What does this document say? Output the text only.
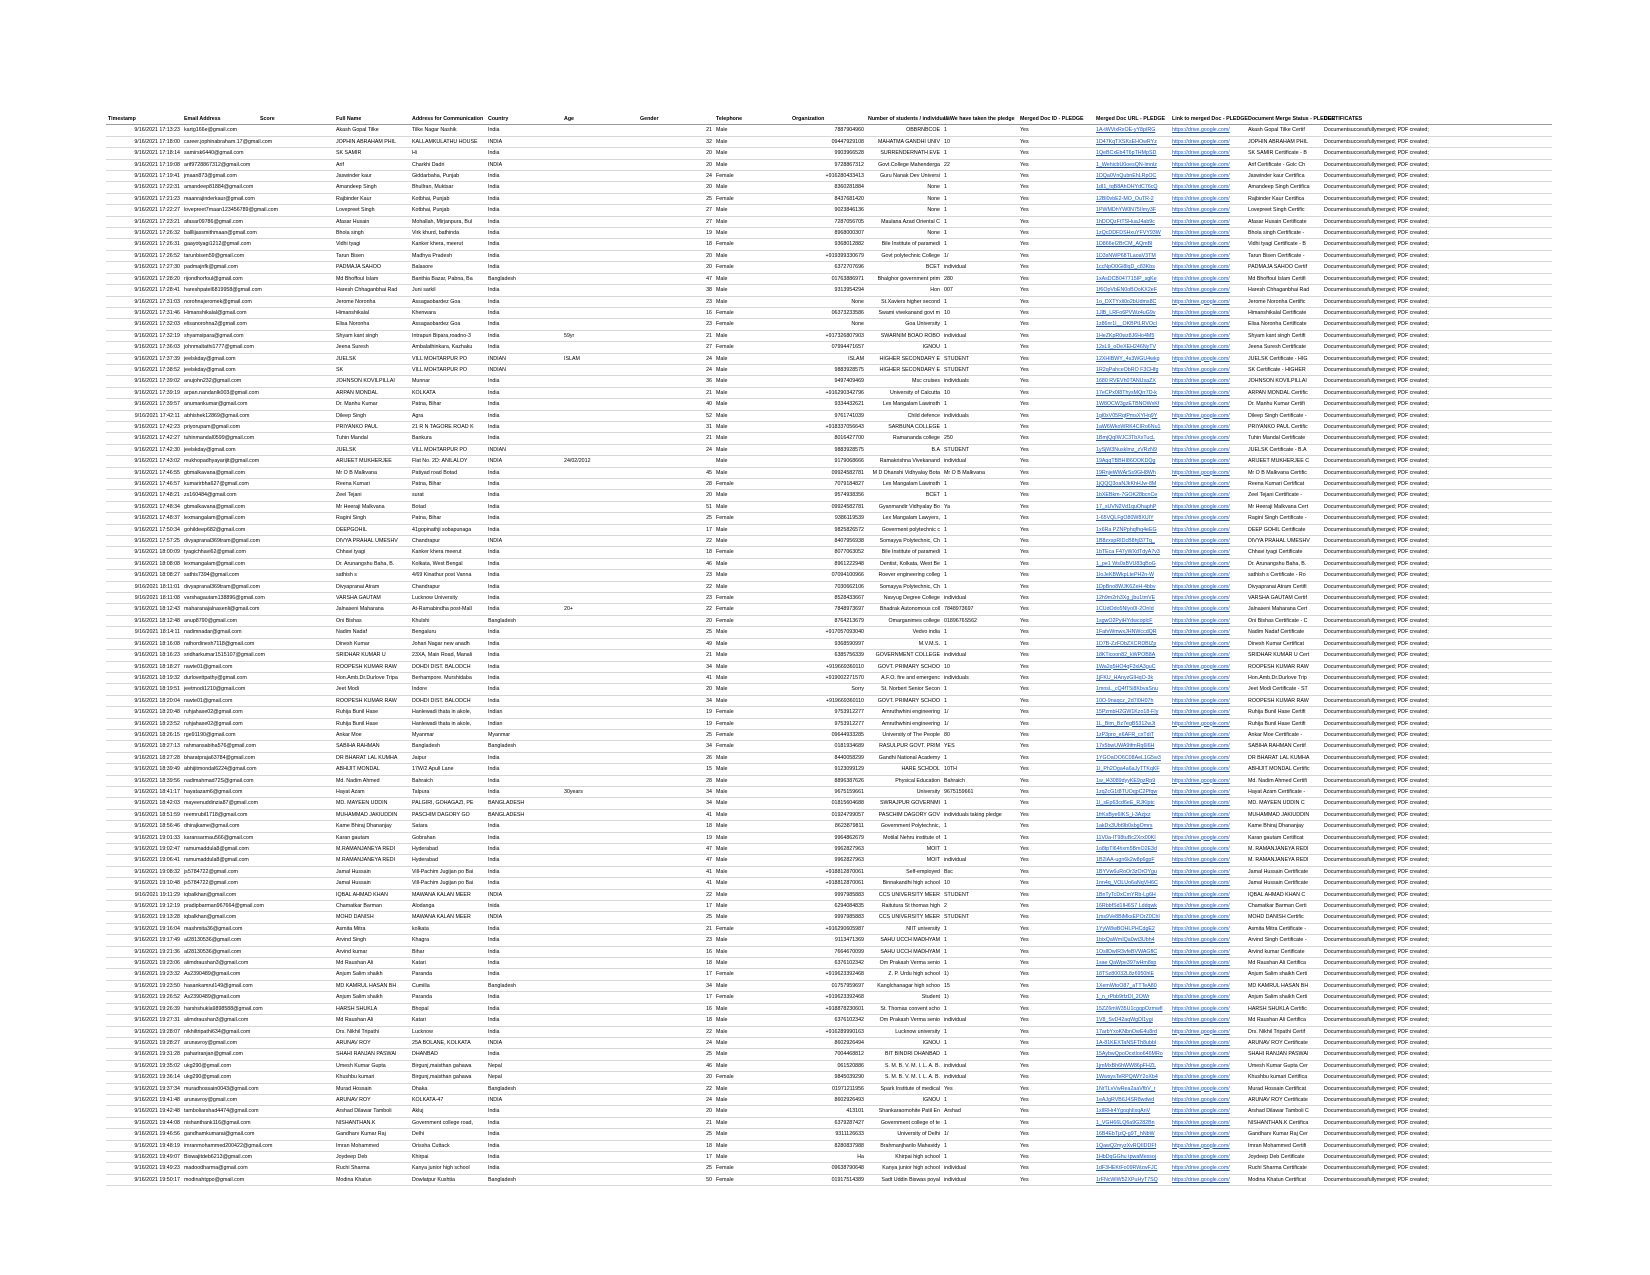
Timestamp	Email Address	Score	Full Name	Address for Communication	Country	Age	Gender	Telephone	Organization	Number of students / individuals	I / We have taken the pledge	Merged Doc ID - PLEDGE	Merged Doc URL - PLEDGE	Link to merged Doc - PLEDGE	Document Merge Status - PLEDGE	CERTIFICATES
9/16/2021 17:13:23	kartg166e@gmail.com		Akash Gopal Tilke	Tilke Nagar Nashik	India		21	Male	7887904960	OBBRNBCOE	1	Yes	1A-tWVixRxOE-yY8pIRG	https://drive.google.com/	Akash Gopal Tilke Certif	Documentsuccessfullymerged; PDF created;
9/16/2021 17:18:00	career.jophinabraham.17@gmail.com		JOPHIN ABRAHAM PHIL	KALLAMKULATHU HOUSE	INDIA		32	Male	09447929108	MAHATMA GANDHI UNIV	10	Yes	1D47KqTXSKsEHOwRYz	https://drive.google.com/	JOPHIN ABRAHAM PHIL	Documentsuccessfullymerged; PDF created;
9/16/2021 17:18:14	samirsk6440@gmail.com		SK SAMIR	Hi	India		20	Male	9903966528	SURRENDERNATH EVE	1	Yes	1QeBCxEb4T6pTHMpSD	https://drive.google.com/	SK SAMIR Certificate - B	Documentsuccessfullymerged; PDF created;
9/16/2021 17:19:08	arif9728867312@gmail.com		Arif	Charkhi Dadri	INDIA		20	Male	9728867312	Govt.College Mahenderga	22	Yes	1_WehicbU0oesQN-lmnlz	https://drive.google.com/	Arif Certificate - Golc Ch	Documentsuccessfullymerged; PDF created;
9/16/2021 17:19:41	jmaan873@gmail.com		Jaswinder kaur	Giddarbaha, Punjab	India		24	Female	+916280433413	Guru Nanak Dev Universi	1	Yes	1DQa0VnQubnEhLRpOC	https://drive.google.com/	Jaswinder kaur Certifica	Documentsuccessfullymerged; PDF created;
9/16/2021 17:22:31	amandeep81884@gmail.com		Amandeep Singh	Bhullran, Muktsar	India		20	Male	8360281884	None	1	Yes	1dI1_tqB8AhOHYdC76cQ	https://drive.google.com/	Amandeep Singh Certifica	Documentsuccessfullymerged; PDF created;
9/16/2021 17:21:23	maanrajinderkaur@gmail.com		Rajbinder Kaur	Kotbhai, Punjab	India		25	Female	8437681420	None	1	Yes	12Bl0vbE2-MO_OuTR-2	https://drive.google.com/	Rajbinder Kaur Certifica	Documentsuccessfullymerged; PDF created;
9/16/2021 17:22:27	lovepreet7maan123456789@gmail.com		Lovepreet Singh	Kotbhai, Punjab	India		27	Male	9023846136	None	1	Yes	1PWMDhYW0N75IImy3F	https://drive.google.com/	Lovepreet Singh Certific	Documentsuccessfullymerged; PDF created;
9/16/2021 17:23:21	afasar09786@gmail.com		Afasar Husain	Mohallah, Mirjanpura, Bul	India		27	Male	7287056705	Maulana Azad Oriental C	1	Yes	1hDOQzFtTSHuaJ4ab9c	https://drive.google.com/	Afasar Husain Certificate	Documentsuccessfullymerged; PDF created;
9/16/2021 17:26:32	balllijassmithmaan@gmail.com		Bhola singh	Virk khurd, bathinda	India		19	Male	8968000307	None	1	Yes	1zQcDDFDSHxuYFVY93W	https://drive.google.com/	Bhola singh Certificate -	Documentsuccessfullymerged; PDF created;
9/16/2021 17:26:31	gaayotyagi1212@gmail.com		Vidhi tyagi	Kanker khera, meerut	India		18	Female	9368012882	Bile Institute of paramedi	1	Yes	1D866eI2BrCM_AQmBl	https://drive.google.com/	Vidhi tyagi Certificate - B	Documentsuccessfullymerged; PDF created;
9/16/2021 17:26:52	tarunbisen59@gmail.com		Tarun Bisen	Madhya Pradesh	India		20	Male	+919399330679	Govt polytechnic College	1/	Yes	1D3sNWP68TLaoaV3TM	https://drive.google.com/	Tarun Bisen Certificate -	Documentsuccessfullymerged; PDF created;
9/16/2021 17:27:30	padmajnfk@gmail.com		PADMAJA SAHOO	Balasore	India		20	Female	6372707696	BCET	individual	Yes	1ccNpO0Gi8lqD_c83Kbs	https://drive.google.com/	PADMAJA SAHOO Certif	Documentsuccessfullymerged; PDF created;
9/16/2021 17:28:20	rijondhorfoul@gmail.com		Md Bhoffoul Islam	Banthia Bazar, Pabna, Ba	Bangladesh		47	Male	01763886971	Bhalghor government prim	280	Yes	1xAsDCB047715IP_sgKe	https://drive.google.com/	Md Bhoffoul Islam Certifi	Documentsuccessfullymerged; PDF created;
9/16/2021 17:28:41	hareshpatel6819958@gmail.com		Haresh Chhaganbhai Rad	Juni sarkil	India		38	Male	9313954294	Hon	007	Yes	1f6OpVbEN0oBOoKX2eF	https://drive.google.com/	Haresh Chhaganbhai Rad	Documentsuccessfullymerged; PDF created;
9/16/2021 17:31:03	norohnajeromek@gmail.com		Jerome Noronha	Assagaobardez Goa	India		23	Male	None	St.Xaviers higher second	1	Yes	1o_DXTYxli0o2bUdms8C	https://drive.google.com/	Jerome Noronha Certific	Documentsuccessfullymerged; PDF created;
9/16/2021 17:31:46	Himanshikalal@gmail.com		Himanshikalal	Khenwara	India		16	Female	06373233586	Swami vivekanand govt m	10	Yes	1JlB_LRFo6PVWz4uG9v	https://drive.google.com/	Himanshikalal Certificate	Documentsuccessfullymerged; PDF created;
9/16/2021 17:32:03	elisanorohna2@gmail.com		Elisa Noronha	Assagaobardez Goa	India		23	Female	None	Goa University	1	Yes	1z86nr1I__OKBPtLRVOcl	https://drive.google.com/	Elisa Noronha Certificate	Documentsuccessfullymerged; PDF created;
9/16/2021 17:32:19	shyamsipara@gmail.com		Shyam kant singh	Intrapuri Bipara,roadno-3	India	59yr	21	Male	+917326807903	SWARNIM BOAO ROBO	individual	Yes	1HeZKpR0wz8J6Ho4M5	https://drive.google.com/	Shyam kant singh Certifi	Documentsuccessfullymerged; PDF created;
9/16/2021 17:36:03	johnmaltathi1777@gmail.com		Jeena Suresh	Ambalathinkara, Kazhaku	India		27	Female	07994471657	IGNOU	1	Yes	12sL9_oDeXEH246NyTV	https://drive.google.com/	Jeena Suresh Certificate	Documentsuccessfullymerged; PDF created;
9/16/2021 17:37:39	jeelskday@gmail.com		JUELSK	VILL MOHTARPUR PO	INDIAN	ISLAM	24	Male	ISLAM	HIGHER SECONDARY E	STUDENT	Yes	12XHIBWY_4s3WGU4wkg	https://drive.google.com/	JUELSK Certificate - HIG	Documentsuccessfullymerged; PDF created;
9/16/2021 17:38:52	jeelskday@gmail.com		SK	VILL MOHTARPUR PO	INDIAN		24	Male	9883928575	HIGHER SECONDARY E	STUDENT	Yes	1R2qPahceObRO F3CHfg	https://drive.google.com/	SK Certificate - HIGHER	Documentsuccessfullymerged; PDF created;
9/16/2021 17:39:02	anujohn232@gmail.com		JOHNSON KOVILPILLAI	Munnar	India		36	Male	9497409469	Msc cruises	individuals	Yes	1680 RVEVh0TANUsaZX	https://drive.google.com/	JOHNSON KOVILPILLAI	Documentsuccessfullymerged; PDF created;
9/16/2021 17:39:19	arpan.nandanlk003@gmail.com		ARPAN MONDAL	KOLKATA	India		21	Male	+916290342796	University of Calcutta	10	Yes	17eCPx0I8ThysMQrr7D-k	https://drive.google.com/	ARPAN MONDAL Certific	Documentsuccessfullymerged; PDF created;
9/16/2021 17:39:57	anumankumar@gmail.com		Dr. Manhu Kumar	Patna, Bihar	India		40	Male	9334432621	Lex Mangalam Lawinsth	1	Yes	1W8OCW3gzETBNOWxKf	https://drive.google.com/	Dr. Manhu Kumar Certifi	Documentsuccessfullymerged; PDF created;
9/16/2021 17:42:11	abhishek12869@gmail.com		Dileep Singh	Agra	India		52	Male	9761741039	Child defence	individuals	Yes	1gl0xV05RqtPmsXYHq9Y	https://drive.google.com/	Dileep Singh Certificate -	Documentsuccessfullymerged; PDF created;
9/16/2021 17:42:23	priyorupam@gmail.com		PRIYANKO PAUL	21 R N TAGORE ROAD K	India		31	Male	+918337056643	SARBUNA COLLEGE	1	Yes	1aW6WkoWRK4CIRo6Nu1	https://drive.google.com/	PRIYANKO PAUL Certific	Documentsuccessfullymerged; PDF created;
9/16/2021 17:42:27	tuhinmandal0599@gmail.com		Tuhin Mandal	Bankura	India		21	Male	8016427700	Ramananda college	250	Yes	1BmjQqIWJC3TbXxTucL	https://drive.google.com/	Tuhin Mandal Certificate	Documentsuccessfullymerged; PDF created;
9/16/2021 17:42:30	jeelskday@gmail.com		JUELSK	VILL MOHTARPUR PO	INDIAN		24	Male	9883928575	B.A	STUDENT	Yes	1ySjW3Nusklmz_zVRzN9	https://drive.google.com/	JUELSK Certificate - B.A	Documentsuccessfullymerged; PDF created;
9/16/2021 17:43:02	mukhopadhyayarijit@gmail.com		ARIJEET MUKHERJEE	Flat No. 2D: ANILALOY	INDIA	24/02/2012		Male	9179068666	Ramakrishna Vivekanand	individual	Yes	19AqqTBBHI86OOKDQg	https://drive.google.com/	ARIJEET MUKHERJEE C	Documentsuccessfullymerged; PDF created;
9/16/2021 17:46:55	gbmalkavana@gmail.com		Mr O B Malkvana	Patiyad road Botad	India		45	Male	09924582781	M D Dhanshi Vidhyalay Bota	Mr O B Malkvana	Yes	19RnjeWWArSs9GH8Wh	https://drive.google.com/	Mr O B Malkvana Certific	Documentsuccessfullymerged; PDF created;
9/16/2021 17:46:57	kumarirbha627@gmail.com		Reena Kumari	Patna, Bihar	India		28	Female	7079184827	Lex Mangalam Lawinsth	1	Yes	1jQQQ3oaNJkKhHJw-8M	https://drive.google.com/	Reena Kumari Certificat	Documentsuccessfullymerged; PDF created;
9/16/2021 17:48:21	zs160484@gmail.com		Zeel Tejani	surat	India		20	Male	9574938356	BCET	1	Yes	1bXEBkm-7GOK28bcnCe	https://drive.google.com/	Zeel Tejani Certificate -	Documentsuccessfullymerged; PDF created;
9/16/2021 17:48:34	gbmalkavana@gmail.com		Mr Heeraji Malkvana	Botad	India		51	Male	09924582781	Gyanmandir Vidhyalay Bo	Ya	Yes	17_sUVN2Vd1quOhaphP	https://drive.google.com/	Mr Heeraji Malkvana Cert	Documentsuccessfullymerged; PDF created;
9/16/2021 17:48:37	lexmangalam@gmail.com		Ragini Singh	Patna, Bihar	India		25	Female	9386119539	Lex Mangalam Lawyers,	1	Yes	1-65VQLFgO80W8XUIY	https://drive.google.com/	Ragini Singh Certificate -	Documentsuccessfullymerged; PDF created;
9/16/2021 17:50:34	gohildeep682@gmail.com		DEEPGOHIL	41gopinathji sobapunaga	India		17	Male	9825826572	Goverment polytechnic c	1	Yes	1x6Ra PZNPphqfhq4eEG	https://drive.google.com/	DEEP GOHIL Certificate	Documentsuccessfullymerged; PDF created;
9/16/2021 17:57:25	divyapranal369tram@gmail.com		DIVYA PRAHAL UMESHV	Chandrapur	INDIA		22	Male	8407956938	Somayya Polytechnic, Ch	1	Yes	1B8zxspRIDcB8hjl37Tq_	https://drive.google.com/	DIVYA PRAHAL UMESHV	Documentsuccessfullymerged; PDF created;
9/16/2021 18:00:09	tyagichhavi62@gmail.com		Chhavi tyagi	Kanker khera meerut	India		18	Female	8077063052	Bile Institute of paramedi	1	Yes	1bTEca F47yWXdTdyA7v3	https://drive.google.com/	Chhavi tyagi Certificate	Documentsuccessfullymerged; PDF created;
9/16/2021 18:08:08	lexmangalam@gmail.com		Dr. Arunangshu Baha, B.	Kolkata, West Bengal	India		46	Male	8961222948	Dentist, Kolkata, West Be	1	Yes	1_pe1 Ws0sBVU83qBoG	https://drive.google.com/	Dr. Arunangshu Baha, B.	Documentsuccessfullymerged; PDF created;
9/16/2021 18:08:27	sathis7394@gmail.com		sathish s	4/69 Kinathur post Vanna	India		23	Male	07094100966	Roever engineering colleg	1	Yes	1IoJeKBWkpLtePH2n-W	https://drive.google.com/	sathish s Certificate - Ro	Documentsuccessfullymerged; PDF created;
9/16/2021 18:11:01	divyapranal369tram@gmail.com		Divyapranai Atram	Chandrapur	India		22	Male	7030662106	Somayya Polytechnic, Ch	1	Yes	1DpBno8WJK6ZeH-4bbv	https://drive.google.com/	Divyapranai Atram Certifi	Documentsuccessfullymerged; PDF created;
9/16/2021 18:11:08	varshagautam138896@gmail.com		VARSHA GAUTAM	Lucknow University	India		23	Female	8528433667	Navyug Degree College	individual	Yes	12h9m2rh3Xg_jbu1tmVE	https://drive.google.com/	VARSHA GAUTAM Certif	Documentsuccessfullymerged; PDF created;
9/16/2021 18:12:43	maharanajalnasenli@gmail.com		Jalnaseni Maharana	At-Ramabindha post-Mall	India	20+	22	Female	7848973697	Bhadrak Autonomous coll	7848973697	Yes	1CUdOdo5Nlyo0I-2OnId	https://drive.google.com/	Jalnaseni Maharana Cert	Documentsuccessfullymerged; PDF created;
9/16/2021 18:12:48	anup8790@gmail.com		Oni Bishas	Khulshi	Bangladesh		20	Female	8764213679	Omarganimes college	0189676S562	Yes	1sgwO2PyiHYdwcoplcF	https://drive.google.com/	Oni Bishas Certificate - C	Documentsuccessfullymerged; PDF created;
9/16/2021 18:14:11	nadimnadar@gmail.com		Nadim Nadaf	Bengaluru	India		25	Male	+917057093040	Vedvo india	1	Yes	1FafvWmwxJHNWccdQR	https://drive.google.com/	Nadim Nadaf Certificate	Documentsuccessfullymerged; PDF created;
9/16/2021 18:16:08	rathordinesh7118@gmail.com		Dinesh Kumar	Johari Nagar new anadh	India		49	Male	9368590997	M.V.M.S.	1	Yes	1D7B-ZzFDbZXCRDBIZp	https://drive.google.com/	Dinesh Kumar Certificat	Documentsuccessfullymerged; PDF created;
9/16/2021 18:16:23	sridharkumar1515107@gmail.com		SRIDHAR KUMAR U	23XA, Main Road, Manali	India		21	Male	6385756339	GOVERNMENT COLLEGE	individual	Yes	18KTicoon82_kWPOB8A	https://drive.google.com/	SRIDHAR KUMAR U Cert	Documentsuccessfullymerged; PDF created;
9/16/2021 18:18:27	rawte01@gmail.com		ROOPESH KUMAR RAW	DOHDI DIST. BALODCH	India		34	Male	+919669360110	GOVT. PRIMARY SCHOO	10	Yes	1Wa2q5HO4qF3xlA3guC	https://drive.google.com/	ROOPESH KUMAR RAW	Documentsuccessfullymerged; PDF created;
9/16/2021 18:19:32	durlovettpathy@gmail.com		Hon.Amb.Dr.Durlove Tripa	Berhampore. Murshidaba	India		41	Male	+919002271570	A.F.O. fire and emergenc	individuals	Yes	1jFKU_HAnyzGIHqO-3k	https://drive.google.com/	Hon.Amb.Dr.Durlove Trip	Documentsuccessfullymerged; PDF created;
9/16/2021 18:19:51	jeetmodi1210@gmail.com		Jeet Modi	Indore	India		20	Male	Sorry	St. Norbert Senior Secon	1	Yes	1mnsL_cQ4fT5i8KbvaSnu	https://drive.google.com/	Jeet Modi Certificate - ST	Documentsuccessfullymerged; PDF created;
9/16/2021 18:20:04	rawte01@gmail.com		ROOPESH KUMAR RAW	DOHDI DIST. BALODCH	India		34	Male	+919669360110	GOVT. PRIMARY SCHOO	1	Yes	10O-9naqcz_2d7i0H07h	https://drive.google.com/	ROOPESH KUMAR RAW	Documentsuccessfullymerged; PDF created;
9/16/2021 18:20:48	ruhjahase02@gmail.com		Ruhija Bunil Hase	Hanlewadi thata in akole,	Indian		19	Female	9753912277	Amruthwhini engineering	1/	Yes	15PzmbH2GW1Kzo18-FIy	https://drive.google.com/	Ruhija Bunil Hase Certifi	Documentsuccessfullymerged; PDF created;
9/16/2021 18:23:52	ruhjahase02@gmail.com		Ruhija Bunil Hase	Hanlewadi thata in akole,	Indian		19	Female	9753912277	Amruthwhini engineering	1/	Yes	1L_Bim_Bz7egB5312wJt	https://drive.google.com/	Ruhija Bunil Hase Certifi	Documentsuccessfullymerged; PDF created;
9/16/2021 18:26:15	rge91190@gmail.com		Ankar Moe	Myanmar	Myanmar		25	Female	09644933285	University of The People	80	Yes	1zP3pro_e6AFR_cxTdiT	https://drive.google.com/	Ankar Moe Certificate -	Documentsuccessfullymerged; PDF created;
9/16/2021 18:27:13	rahmansabiha576@gmail.com		SABIHA RAHMAN	Bangladesh	Bangladesh		34	Female	0181934689	RASULPUR GOVT. PRIM	YES	Yes	17x5bwUWA9tfmRq6l6H	https://drive.google.com/	SABIHA RAHMAN Certif	Documentsuccessfullymerged; PDF created;
9/16/2021 18:27:28	bharatpraja63784@gmail.com		DR BHARAT LAL KUMHA	Jaipur	India		26	Male	8440058299	Gandhi National Academy	1	Yes	1YGOaOO6C08AeL1G5w3	https://drive.google.com/	DR BHARAT LAL KUMHA	Documentsuccessfullymerged; PDF created;
9/16/2021 18:39:49	abhijitmondal6224@gmail.com		ABHIJIT MONDAL	17W/2 Apull Lane	India		15	Male	9123099129	HARE SCHOOL	10TH	Yes	1I_Ph2Oga4a6aJyTTKqKF	https://drive.google.com/	ABHIJIT MONDAL Certific	Documentsuccessfullymerged; PDF created;
9/16/2021 18:39:56	nadimahmad72S@gmail.com		Md. Nadim Ahmed	Bahraich	India		28	Male	8896387626	Physical Education	Bahraich	Yes	1w_l43089dyyKE9gzRp9	https://drive.google.com/	Md. Nadim Ahmed Certifi	Documentsuccessfullymerged; PDF created;
9/16/2021 18:41:17	hayatazam6@gmail.com		Hayat Azam	Talpura	India	30years	34	Male	9675159661	University	9675159661	Yes	1zq2cG1t8TUOqpC2Pfqw	https://drive.google.com/	Hayat Azam Certificate -	Documentsuccessfullymerged; PDF created;
9/16/2021 18:42:03	mayeenuddinzia87@gmail.com		MD. MAYEEN UDDIN	PALGIRI, GOHAGAZI, PE	BANGLADESH		34	Male	01815604688	SWRAJPUR GOVERNMI	1	Yes	1I_sEp63cd6eE_RJKlptc	https://drive.google.com/	MD. MAYEEN UDDIN C	Documentsuccessfullymerged; PDF created;
9/16/2021 18:51:59	reemrubil1718@gmail.com		MUHAMMAD JAKIUDDIN	PASCHIM DAGORY GO	BANGLADESH		41	Male	01924799057	PASCHIM DAGORY GOV	individuals taking pledge	Yes	1frKsBye6IKS_l-3Azjxz	https://drive.google.com/	MUHAMMAD JAKIUDDIN	Documentsuccessfullymerged; PDF created;
9/16/2021 18:56:46	dhirajkame@gmail.com		Kame Bhiraj Dhananjay	Satara	India		18	Male	8623879811	Government Polytechnic,	1	Yes	1akDx3Ubt9b0sbgOmrs	https://drive.google.com/	Kame Bhiraj Dhananjay	Documentsuccessfullymerged; PDF created;
9/16/2021 19:01:33	karansarmau566@gmail.com		Karan gautam	Gobrahan	India		19	Male	9964862679	Motilal Nehru institute of	1	Yes	11V0a-IT98tuBc2Xrx00KI	https://drive.google.com/	Karan gautam Certificat	Documentsuccessfullymerged; PDF created;
9/16/2021 19:02:47	ramumaddula8@gmail.com		M.RAMANJANEYA REDI	Hyderabad	India		47	Male	9962827963	MOIT	1	Yes	1o8tpTl64hxm5BmO2E3d	https://drive.google.com/	M. RAMANJANEYA REDI	Documentsuccessfullymerged; PDF created;
9/16/2021 19:06:41	ramumaddula8@gmail.com		M.RAMANJANEYA REDI	Hyderabad	India		47	Male	9962827963	MOIT	individual	Yes	1B2lAA-ugn6k2w8p6gpF	https://drive.google.com/	M. RAMANJANEYA REDI	Documentsuccessfullymerged; PDF created;
9/16/2021 19:08:32	js5784722@gmail.com		Jamal Hussain	Vill-Pachim Jugijan po Bai	India		41	Male	+918812870061	Self-employed	Bsc	Yes	1BYVw6uRoOr3zOrOYgu	https://drive.google.com/	Jamal Hussain Certificate	Documentsuccessfullymerged; PDF created;
9/16/2021 19:10:48	js5784722@gmail.com		Jamal Hussain	Vill-Pachim Jugijan po Bai	India		41	Male	+918812870061	Binnakandhi high school	10	Yes	1nn4q_VOLUo6aNqVH6C	https://drive.google.com/	Jamal Hussain Certificate	Documentsuccessfullymerged; PDF created;
9/16/2021 19:11:29	iqbalkhan@gmail.com		IQBAL AHMAD KHAN	MAWANA KALAN MEER	INDIA		22	Male	9997985883	CCS UNIVERSITY MEER	STUDENT	Yes	1BnTyTcDxCmYRb-Lg6H	https://drive.google.com/	IQBAL AHMAD KHAN C	Documentsuccessfullymerged; PDF created;
9/16/2021 19:12:19	pradipbarman967664@gmail.com		Chamatkar Barman	Alodanga	Inida		17	Male	6294084835	Raitutura St thomas high	2	Yes	16RbbfSd1IH6S7 Lddqwk	https://drive.google.com/	Chamatkar Barman Certi	Documentsuccessfullymerged; PDF created;
9/16/2021 19:13:28	iqbalkhan@gmail.com		MOHD DANISH	MAWANA KALAN MEER	INDIA		25	Male	9997985883	CCS UNIVERSITY MEER	STUDENT	Yes	1ms9Ve8BiMkxEPOrZ0ChI	https://drive.google.com/	MOHD DANISH Certific	Documentsuccessfullymerged; PDF created;
9/16/2021 19:16:04	mashmita36@gmail.com		Asmita Mitra	kolkata	India		21	Female	+916290605987	NIIT university	1	Yes	1YyW8wBOHLPHCdgE2	https://drive.google.com/	Asmita Mitra Certificate -	Documentsuccessfullymerged; PDF created;
9/16/2021 19:17:49	al28130536@gmail.com		Arvind Singh	Khagra	India		23	Male	9113471369	SAHU UCCH MADHYAM	1	Yes	1bixQaWmIQa0wt3Ubh4	https://drive.google.com/	Arvind Singh Certificate -	Documentsuccessfullymerged; PDF created;
9/16/2021 19:21:36	al28130536@gmail.com		Arvind kumar	Bihar	India		16	Male	7664670099	SAHU UCCH MADHYAM	1	Yes	1OsllDwIR3vfeBVWAGflC	https://drive.google.com/	Arvind kumar Certificate	Documentsuccessfullymerged; PDF created;
9/16/2021 19:23:06	alimdraushan3@gmail.com		Md Raushan Ali	Katari	India		18	Male	6376102342	Om Prakash Verma senio	1	Yes	1sae QaWpe397wHm8sp	https://drive.google.com/	Md Raushan Ali Certifica	Documentsuccessfullymerged; PDF created;
9/16/2021 19:23:32	As2390489@gmail.com		Anjum Salim shaikh	Paranda	India		17	Female	+919623392468	Z. P. Urdu high school	1)	Yes	18TSz80032L8z6950hlE	https://drive.google.com/	Anjum Salim shaikh Certi	Documentsuccessfullymerged; PDF created;
9/16/2021 19:23:50	hasankamrul149@gmail.com		MD KAMRUL HASAN BH	Cumilla	Bangladesh		34	Male	01757959697	Kanglchanagar high schoo	15	Yes	1XemWtoO87_aTTTeA80	https://drive.google.com/	MD KAMRUL HASAN BH	Documentsuccessfullymerged; PDF created;
9/16/2021 19:26:52	As2390489@gmail.com		Anjum Salim shaikh	Paranda	India		17	Female	+919623392468	Student	1)	Yes	1_n_rPbb9rfzDl_2OWr	https://drive.google.com/	Anjum Salim shaikh Certi	Documentsuccessfullymerged; PDF created;
9/16/2021 19:26:39	harshshukla9898588@gmail.com		HARSH SHUKLA	Bhopal	India		16	Male	+918878230601	St. Thomas convent scho	1	Yes	15ZZ6mW35U1cgqpOzmwfl	https://drive.google.com/	HARSH SHUKLA Certific	Documentsuccessfullymerged; PDF created;
9/16/2021 19:27:31	alimdraushan3@gmail.com		Md Raushan Ali	Katari	India		18	Male	6376102342	Om Prakash Verma senio	individual	Yes	1V8_SvD42aqWgDl1ygi	https://drive.google.com/	Md Raushan Ali Certifica	Documentsuccessfullymerged; PDF created;
9/16/2021 19:28:07	nikhiltripathi634@gmail.com		Drs. Nikhil Tripathi	Lucknow	India		22	Male	+916289990163	Lucknow university	1	Yes	17arbYxoKNbnOwE4u8rd	https://drive.google.com/	Drs. Nikhil Tripathi Certif	Documentsuccessfullymerged; PDF created;
9/16/2021 19:28:27	arunavroy@gmail.com		ARUNAV ROY	25A BOLANE, KOLKATA	INDIA		24	Male	8602926494	IGNOU	1	Yes	1A-81KEXTaNSFTh8ubbl	https://drive.google.com/	ARUNAV ROY Certificate	Documentsuccessfullymerged; PDF created;
9/16/2021 19:31:28	pahariranjan@gmail.com		SHAHI RANJAN PASWAI	DHANBAD	India		25	Male	7004468812	BIT BINDRI DHANBAD	1	Yes	15AybwQpoOcxtloo646MRo	https://drive.google.com/	SHAHI RANJAN PASWAI	Documentsuccessfullymerged; PDF created;
9/16/2021 19:35:02	ukg290@gmail.com		Umesh Kumar Gupta	Birgunj,maisthan gahawa	Nepal		46	Male	061520886	S. M. B. V. M. I. L. A. B.	individual	Yes	1jmMxBh6hWW86pFHZL	https://drive.google.com/	Umesh Kumar Gupta Cer	Documentsuccessfullymerged; PDF created;
9/16/2021 19:36:14	ukg290@gmail.com		Khushbu kumari	Birgunj,maisthan gahawa	Nepal		20	Female	9845039290	S. M. B. V. M. I. L. A. B.	individual	Yes	1WwsysTeRPQiWY2oXb4	https://drive.google.com/	Khushbu kumari Certifica	Documentsuccessfullymerged; PDF created;
9/16/2021 19:37:34	muradhossain0043@gmail.com		Murad Hossain	Dhaka	Bangladesh		22	Male	01971211956	Spark Institute of medical	Yes	Yes	1NrTLvVwRea2aaVfbV_r	https://drive.google.com/	Murad Hossain Certificat	Documentsuccessfullymerged; PDF created;
9/16/2021 19:41:48	arunavroy@gmail.com		ARUNAV ROY	KOLKATA-47	INDIA		24	Male	8602926493	IGNOU	1	Yes	1eAJgRVB6J4SR8wdwd	https://drive.google.com/	ARUNAV ROY Certificate	Documentsuccessfullymerged; PDF created;
9/16/2021 19:42:48	tamboliarshad4474@gmail.com		Arshad Dilawar Tamboli	Akluj	India		20	Male	413101	Shankaraomohite Patil En	Arshad	Yes	1xIlRHr4YgoqhIixqAnV	https://drive.google.com/	Arshad Dilawar Tamboli C	Documentsuccessfullymerged; PDF created;
9/16/2021 19:44:08	nishanthank116@gmail.com		NISHANTHAN.K	Government college road,	India		21	Male	6379287427	Government college of te	1	Yes	1_VGH66LQ6a9G282Bn	https://drive.google.com/	NISHANTHAN.K Certifica	Documentsuccessfullymerged; PDF created;
9/16/2021 19:46:56	gandhamkumarai@gmail.com		Gandharv Kumar Raj	Delhi	India		25	Male	9311126633	University of Delhi	1/	Yes	16B4EbTjzQ-g9T_hNbW	https://drive.google.com/	Gandharv Kumar Raj Cer	Documentsuccessfullymerged; PDF created;
9/16/2021 19:48:19	imranmohammed200422@gmail.com		Imran Mohammed	Orissha Cuttack	India		18	Male	8280837988	Brahmanjharilo Mahavidy	1	Yes	1QawQ2myzXvRQIIDDFf	https://drive.google.com/	Imran Mohammed Certifi	Documentsuccessfullymerged; PDF created;
9/16/2021 19:49:07	Biswajitdeb6213@gmail.com		Joydeep Deb	Khirpai	India		17	Male	Ha	Khirpai high school	1	Yes	1HbDqGGhu tpwaMessoj	https://drive.google.com/	Joydeep Deb Certificate	Documentsuccessfullymerged; PDF created;
9/16/2021 19:49:23	madoodharma@gmail.com		Ruchi Sharma	Kanya junior high school	India		25	Female	09638790648	Kanya junior high school	individual	Yes	1dF3HEKtFo09RWzwFJC	https://drive.google.com/	Ruchi Sharma Certificate	Documentsuccessfullymerged; PDF created;
9/16/2021 19:50:17	modinahtgpo@gmail.com		Modina Khatun	Dowlatpur Kushtia	Bangladesh		50	Female	01917514389	Sadt Uddin Biswas poyal	individual	Yes	1rFNcWiW52XPuHyT7SQ	https://drive.google.com/	Modina Khatun Certificat	Documentsuccessfullymerged; PDF created;
